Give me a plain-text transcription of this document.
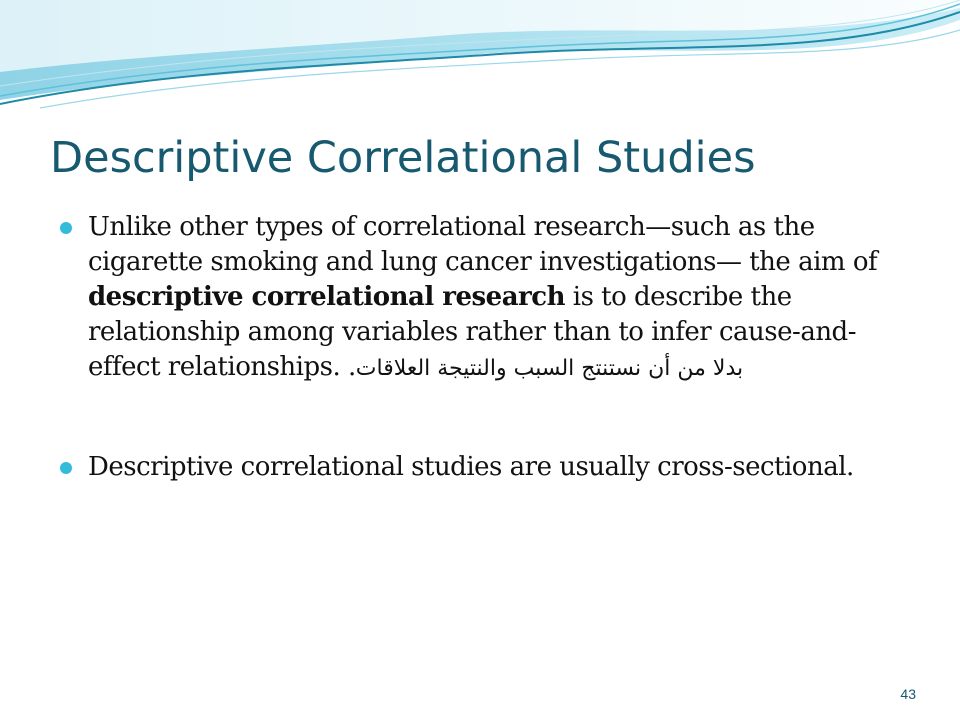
Descriptive Correlational Studies
Unlike other types of correlational research—such as the cigarette smoking and lung cancer investigations— the aim of descriptive correlational research is to describe the relationship among variables rather than to infer cause-and-effect relationships. .بدلا من أن نستنتج السبب والنتيجة العلاقات
Descriptive correlational studies are usually cross-sectional.
43
